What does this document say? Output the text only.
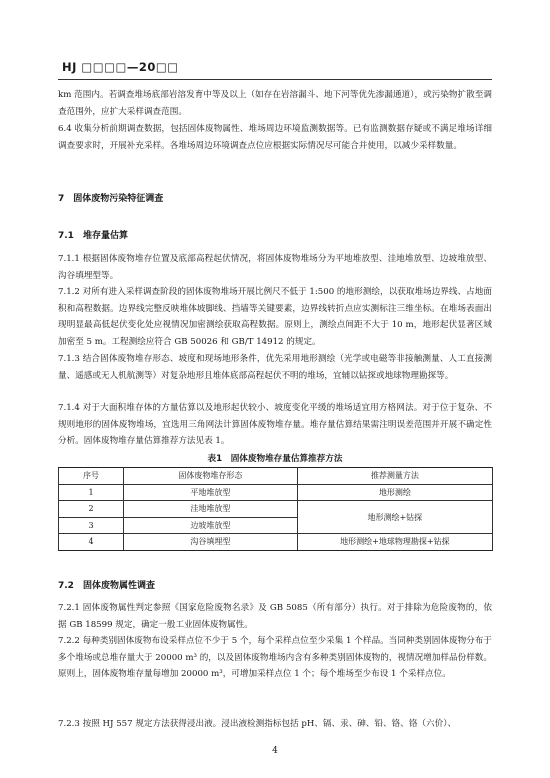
HJ □□□□—20□□
km 范围内。若调查堆场底部岩溶发育中等及以上（如存在岩溶漏斗、地下河等优先渗漏通道），或污染物扩散至调查范围外，应扩大采样调查范围。
6.4 收集分析前期调查数据，包括固体废物属性、堆场周边环境监测数据等。已有监测数据存疑或不满足堆场详细调查要求时，开展补充采样。各堆场周边环境调查点位应根据实际情况尽可能合并使用，以减少采样数量。
7　固体废物污染特征调查
7.1　堆存量估算
7.1.1 根据固体废物堆存位置及底部高程起伏情况，将固体废物堆场分为平地堆放型、洼地堆放型、边坡堆放型、沟谷填埋型等。
7.1.2 对所有进入采样调查阶段的固体废物堆场开展比例尺不低于 1:500 的地形测绘，以获取堆场边界线、占地面积和高程数据。边界线完整反映堆体坡脚线、挡墙等关键要素，边界线转折点应实测标注三维坐标。在堆场表面出现明显最高低起伏变化处应视情况加密测绘获取高程数据。原则上，测绘点间距不大于 10 m，地形起伏显著区域加密至 5 m。工程测绘应符合 GB 50026 和 GB/T 14912 的规定。
7.1.3 结合固体废物堆存形态、坡度和现场地形条件，优先采用地形测绘（光学或电磁等非接触测量、人工直接测量、遥感或无人机航测等）对复杂地形且堆体底部高程起伏不明的堆场，宜辅以钻探或地球物理勘探等。
7.1.4 对于大面积堆存体的方量估算以及地形起伏较小、坡度变化平缓的堆场适宜用方格网法。对于位于复杂、不规则地形的固体废物堆场，宜选用三角网法计算固体废物堆存量。堆存量估算结果需注明误差范围并开展不确定性分析。固体废物堆存量估算推荐方法见表 1。
表1　固体废物堆存量估算推荐方法
序号	固体废物堆存形态	推荐测量方法
1	平地堆放型	地形测绘
2	洼地堆放型	地形测绘+钻探
3	边坡堆放型	
4	沟谷填埋型	地形测绘+地球物理勘探+钻探
7.2　固体废物属性调查
7.2.1 固体废物属性判定参照《国家危险废物名录》及 GB 5085（所有部分）执行。对于排除为危险废物的，依据 GB 18599 规定，确定一般工业固体废物属性。
7.2.2 每种类别固体废物布设采样点位不少于 5 个，每个采样点位至少采集 1 个样品。当同种类别固体废物分布于多个堆场或总堆存量大于 20000 m³ 的，以及固体废物堆场内含有多种类别固体废物的，视情况增加样品份样数。原则上，固体废物堆存量每增加 20000 m³，可增加采样点位 1 个；每个堆场至少布设 1 个采样点位。
7.2.3 按照 HJ 557 规定方法获得浸出液。浸出液检测指标包括 pH、镉、汞、砷、铅、铬、铬（六价）、
4
